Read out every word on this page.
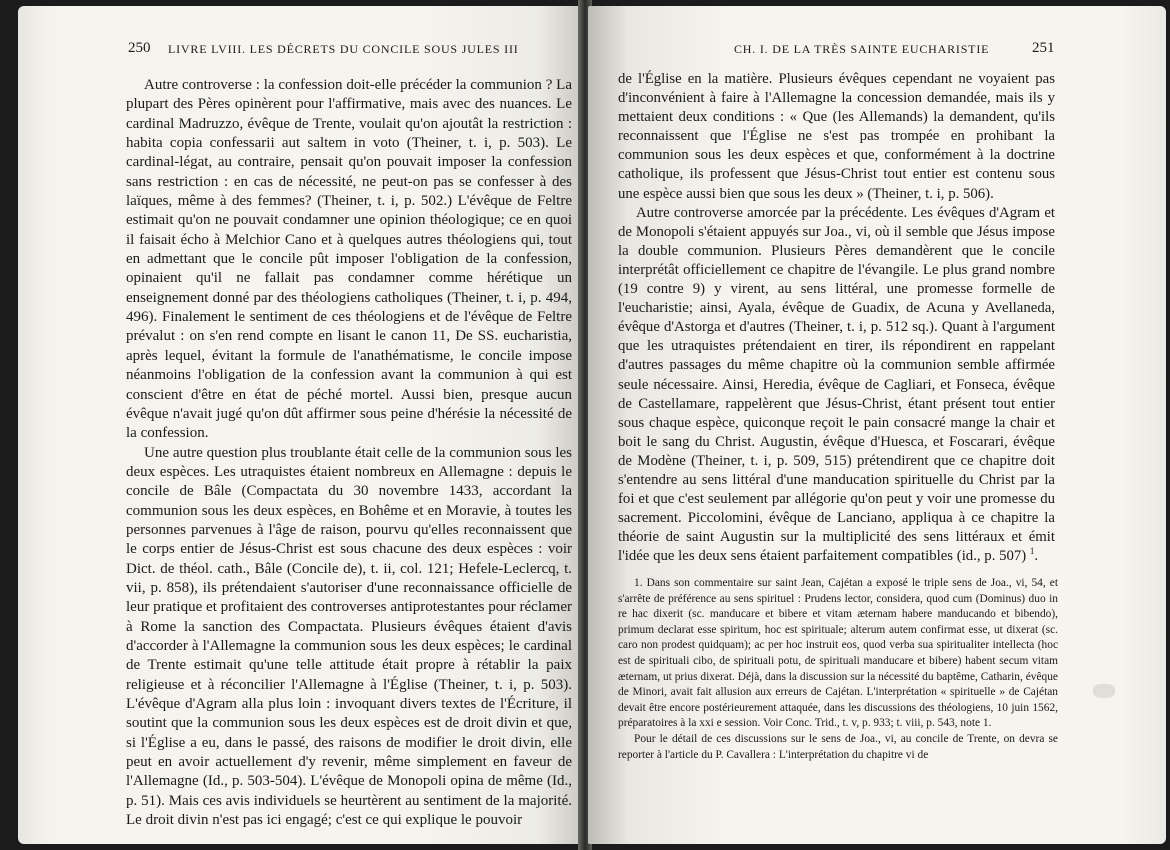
250 LIVRE LVIII. LES DÉCRETS DU CONCILE SOUS JULES III

Autre controverse : la confession doit-elle précéder la communion ? La plupart des Pères opinèrent pour l'affirmative, mais avec des nuances. Le cardinal Madruzzo, évêque de Trente, voulait qu'on ajoutât la restriction : habita copia confessarii aut saltem in voto (Theiner, t. i, p. 503). Le cardinal-légat, au contraire, pensait qu'on pouvait imposer la confession sans restriction : en cas de nécessité, ne peut-on pas se confesser à des laïques, même à des femmes? (Theiner, t. i, p. 502.) L'évêque de Feltre estimait qu'on ne pouvait condamner une opinion théologique; ce en quoi il faisait écho à Melchior Cano et à quelques autres théologiens qui, tout en admettant que le concile pût imposer l'obligation de la confession, opinaient qu'il ne fallait pas condamner comme hérétique un enseignement donné par des théologiens catholiques (Theiner, t. i, p. 494, 496). Finalement le sentiment de ces théologiens et de l'évêque de Feltre prévalut : on s'en rend compte en lisant le canon 11, De SS. eucharistia, après lequel, évitant la formule de l'anathématisme, le concile impose néanmoins l'obligation de la confession avant la communion à qui est conscient d'être en état de péché mortel. Aussi bien, presque aucun évêque n'avait jugé qu'on dût affirmer sous peine d'hérésie la nécessité de la confession.

Une autre question plus troublante était celle de la communion sous les deux espèces. Les utraquistes étaient nombreux en Allemagne : depuis le concile de Bâle (Compactata du 30 novembre 1433, accordant la communion sous les deux espèces, en Bohême et en Moravie, à toutes les personnes parvenues à l'âge de raison, pourvu qu'elles reconnaissent que le corps entier de Jésus-Christ est sous chacune des deux espèces : voir Dict. de théol. cath., Bâle (Concile de), t. ii, col. 121; Hefele-Leclercq, t. vii, p. 858), ils prétendaient s'autoriser d'une reconnaissance officielle de leur pratique et profitaient des controverses antiprotestantes pour réclamer à Rome la sanction des Compactata. Plusieurs évêques étaient d'avis d'accorder à l'Allemagne la communion sous les deux espèces; le cardinal de Trente estimait qu'une telle attitude était propre à rétablir la paix religieuse et à réconcilier l'Allemagne à l'Église (Theiner, t. i, p. 503). L'évêque d'Agram alla plus loin : invoquant divers textes de l'Écriture, il soutint que la communion sous les deux espèces est de droit divin et que, si l'Église a eu, dans le passé, des raisons de modifier le droit divin, elle peut en avoir actuellement d'y revenir, même simplement en faveur de l'Allemagne (Id., p. 503-504). L'évêque de Monopoli opina de même (Id., p. 51). Mais ces avis individuels se heurtèrent au sentiment de la majorité. Le droit divin n'est pas ici engagé; c'est ce qui explique le pouvoir

CH. I. DE LA TRÈS SAINTE EUCHARISTIE	251

de l'Église en la matière. Plusieurs évêques cependant ne voyaient pas d'inconvénient à faire à l'Allemagne la concession demandée, mais ils y mettaient deux conditions : « Que (les Allemands) la demandent, qu'ils reconnaissent que l'Église ne s'est pas trompée en prohibant la communion sous les deux espèces et que, conformément à la doctrine catholique, ils professent que Jésus-Christ tout entier est contenu sous une espèce aussi bien que sous les deux » (Theiner, t. i, p. 506).

Autre controverse amorcée par la précédente. Les évêques d'Agram et de Monopoli s'étaient appuyés sur Joa., vi, où il semble que Jésus impose la double communion. Plusieurs Pères demandèrent que le concile interprétât officiellement ce chapitre de l'évangile. Le plus grand nombre (19 contre 9) y virent, au sens littéral, une promesse formelle de l'eucharistie; ainsi, Ayala, évêque de Guadix, de Acuna y Avellaneda, évêque d'Astorga et d'autres (Theiner, t. i, p. 512 sq.). Quant à l'argument que les utraquistes prétendaient en tirer, ils répondirent en rappelant d'autres passages du même chapitre où la communion semble affirmée seule nécessaire. Ainsi, Heredia, évêque de Cagliari, et Fonseca, évêque de Castellamare, rappelèrent que Jésus-Christ, étant présent tout entier sous chaque espèce, quiconque reçoit le pain consacré mange la chair et boit le sang du Christ. Augustin, évêque d'Huesca, et Foscarari, évêque de Modène (Theiner, t. i, p. 509, 515) prétendirent que ce chapitre doit s'entendre au sens littéral d'une manducation spirituelle du Christ par la foi et que c'est seulement par allégorie qu'on peut y voir une promesse du sacrement. Piccolomini, évêque de Lanciano, appliqua à ce chapitre la théorie de saint Augustin sur la multiplicité des sens littéraux et émit l'idée que les deux sens étaient parfaitement compatibles (id., p. 507) $^1$.

1. Dans son commentaire sur saint Jean, Cajétan a exposé le triple sens de Joa., vi, 54, et s'arrête de préférence au sens spirituel : Prudens lector, considera, quod cum (Dominus) duo in re hac dixerit (sc. manducare et bibere et vitam æternam habere manducando et bibendo), primum declarat esse spiritum, hoc est spirituale; alterum autem confirmat esse, ut dixerat (sc. caro non prodest quidquam); ac per hoc instruit eos, quod verba sua spiritualiter intellecta (hoc est de spirituali cibo, de spirituali potu, de spirituali manducare et bibere) habent secum vitam æternam, ut prius dixerat. Déjà, dans la discussion sur la nécessité du baptême, Catharin, évêque de Minori, avait fait allusion aux erreurs de Cajétan. L'interprétation « spirituelle » de Cajétan devait être encore postérieurement attaquée, dans les discussions des théologiens, 10 juin 1562, préparatoires à la xxi e session. Voir Conc. Trid., t. v, p. 933; t. viii, p. 543, note 1.

Pour le détail de ces discussions sur le sens de Joa., vi, au concile de Trente, on devra se reporter à l'article du P. Cavallera : L'interprétation du chapitre vi de
